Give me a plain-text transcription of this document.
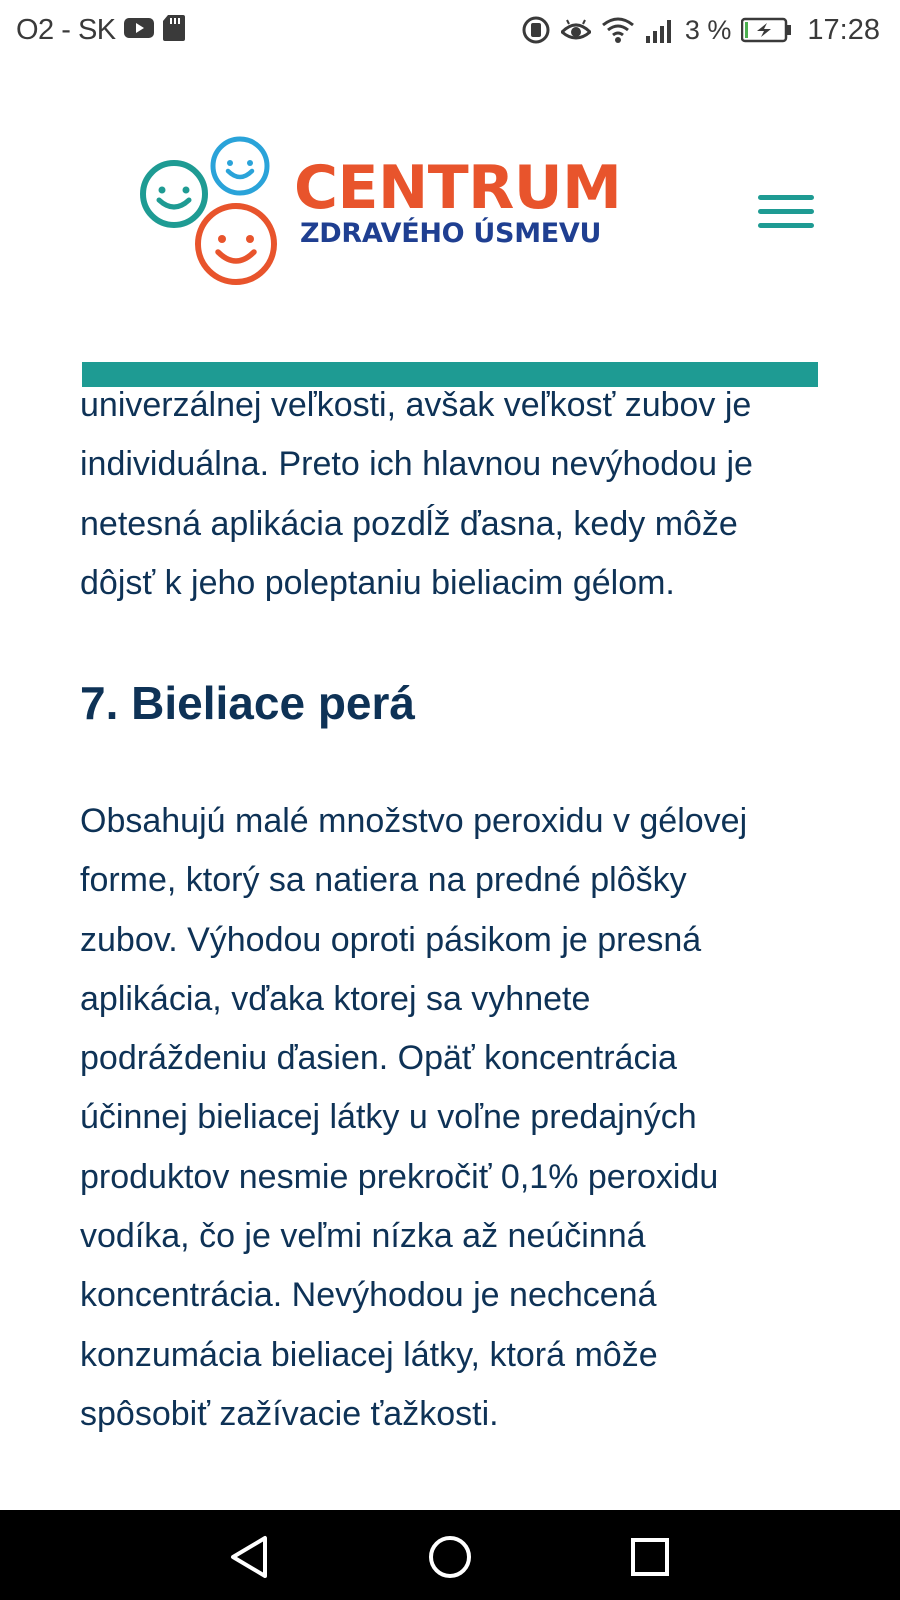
O2 - SK	3 %	17:28
CENTRUM
ZDRAVÉHO ÚSMEVU
univerzálnej veľkosti, avšak veľkosť zubov je
individuálna. Preto ich hlavnou nevýhodou je
netesná aplikácia pozdĺž ďasna, kedy môže
dôjsť k jeho poleptaniu bieliacim gélom.
7. Bieliace perá
Obsahujú malé množstvo peroxidu v gélovej
forme, ktorý sa natiera na predné plôšky
zubov. Výhodou oproti pásikom je presná
aplikácia, vďaka ktorej sa vyhnete
podráždeniu ďasien. Opäť koncentrácia
účinnej bieliacej látky u voľne predajných
produktov nesmie prekročiť 0,1% peroxidu
vodíka, čo je veľmi nízka až neúčinná
koncentrácia. Nevýhodou je nechcená
konzumácia bieliacej látky, ktorá môže
spôsobiť zažívacie ťažkosti.
